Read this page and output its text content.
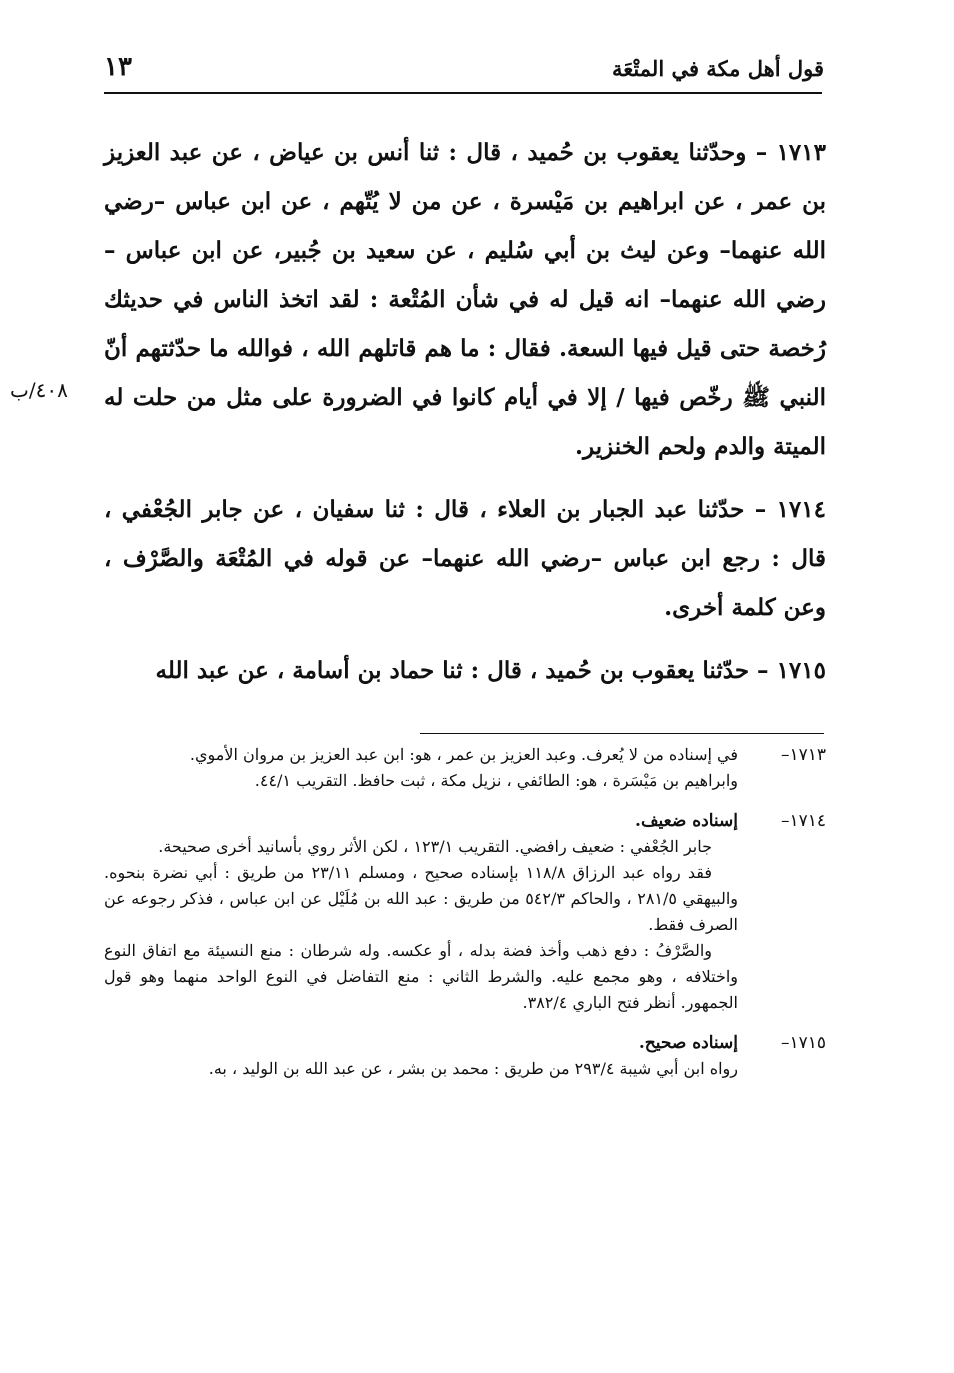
قول أهل مكة في المتْعَة
١٣

١٧١٣ – وحدّثنا يعقوب بن حُميد ، قال : ثنا أنس بن عياض ، عن عبد العزيز بن عمر ، عن ابراهيم بن مَيْسرة ، عن من لا يُتّهم ، عن ابن عباس –رضي الله عنهما– وعن ليث بن أبي سُليم ، عن سعيد بن جُبير، عن ابن عباس –رضي الله عنهما– انه قيل له في شأن المُتْعة : لقد اتخذ الناس في حديثك رُخصة حتى قيل فيها السعة. فقال : ما هم قاتلهم الله ، فوالله ما حدّثتهم أنّ النبي ﷺ رخّص فيها / إلا في أيام كانوا في الضرورة على مثل من حلت له الميتة والدم ولحم الخنزير.

١٧١٤ – حدّثنا عبد الجبار بن العلاء ، قال : ثنا سفيان ، عن جابر الجُعْفي ، قال : رجع ابن عباس –رضي الله عنهما– عن قوله في المُتْعَة والصَّرْف ، وعن كلمة أخرى.

١٧١٥ – حدّثنا يعقوب بن حُميد ، قال : ثنا حماد بن أسامة ، عن عبد الله

٤٠٨/ب
١٧١٣–

في إسناده من لا يُعرف. وعبد العزيز بن عمر ، هو: ابن عبد العزيز بن مروان الأموي.

وابراهيم بن مَيْسَرة ، هو: الطائفي ، نزيل مكة ، ثبت حافظ. التقريب ٤٤/١.

١٧١٤–

إسناده ضعيف.

جابر الجُعْفي : ضعيف رافضي. التقريب ١٢٣/١ ، لكن الأثر روي بأسانيد أخرى صحيحة.

فقد رواه عبد الرزاق ١١٨/٨ بإسناده صحيح ، ومسلم ٢٣/١١ من طريق : أبي نضرة بنحوه. والبيهقي ٢٨١/٥ ، والحاكم ٥٤٢/٣ من طريق : عبد الله بن مُلَيْل عن ابن عباس ، فذكر رجوعه عن الصرف فقط.

والصَّرْفُ : دفع ذهب وأخذ فضة بدله ، أو عكسه. وله شرطان : منع النسيئة مع اتفاق النوع واختلافه ، وهو مجمع عليه. والشرط الثاني : منع التفاضل في النوع الواحد منهما وهو قول الجمهور. أنظر فتح الباري ٣٨٢/٤.

١٧١٥–

إسناده صحيح.

رواه ابن أبي شيبة ٢٩٣/٤ من طريق : محمد بن بشر ، عن عبد الله بن الوليد ، به.
